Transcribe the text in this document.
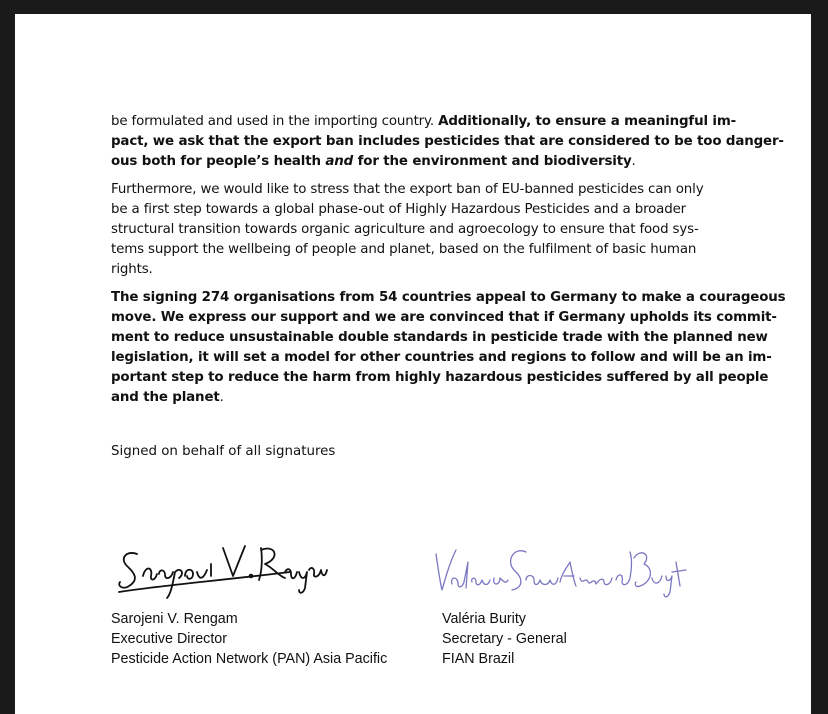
be formulated and used in the importing country. Additionally, to ensure a meaningful im-
pact, we ask that the export ban includes pesticides that are considered to be too danger-
ous both for people’s health and for the environment and biodiversity.

Furthermore, we would like to stress that the export ban of EU-banned pesticides can only
be a first step towards a global phase-out of Highly Hazardous Pesticides and a broader
structural transition towards organic agriculture and agroecology to ensure that food sys-
tems support the wellbeing of people and planet, based on the fulfilment of basic human
rights.

The signing 274 organisations from 54 countries appeal to Germany to make a courageous
move. We express our support and we are convinced that if Germany upholds its commit-
ment to reduce unsustainable double standards in pesticide trade with the planned new
legislation, it will set a model for other countries and regions to follow and will be an im-
portant step to reduce the harm from highly hazardous pesticides suffered by all people
and the planet.

Signed on behalf of all signatures
Sarojeni V. Rengam
Executive Director
Pesticide Action Network (PAN) Asia Pacific
Valéria Burity
Secretary - General
FIAN Brazil
